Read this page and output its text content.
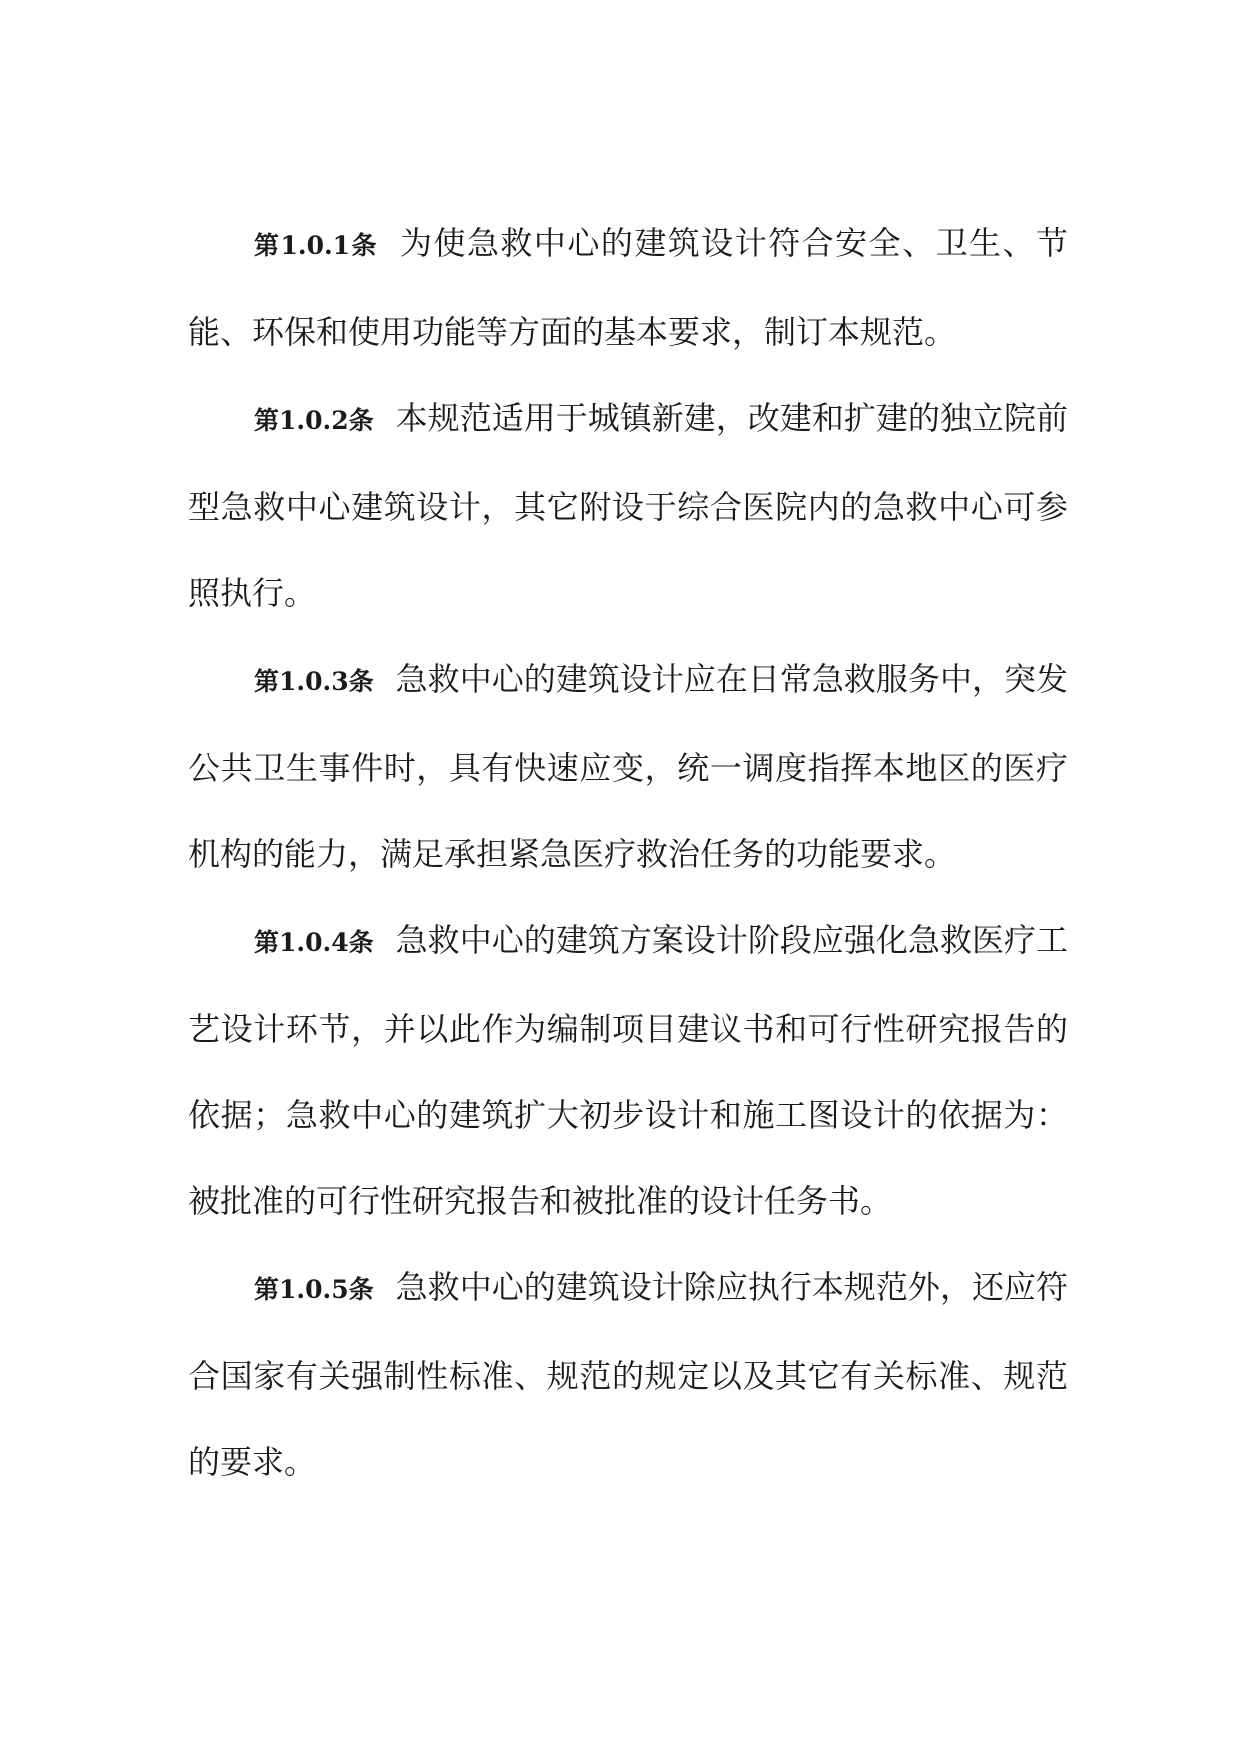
第1.0.1条 为使急救中心的建筑设计符合安全、卫生、节能、环保和使用功能等方面的基本要求，制订本规范。

第1.0.2条 本规范适用于城镇新建，改建和扩建的独立院前型急救中心建筑设计，其它附设于综合医院内的急救中心可参照执行。

第1.0.3条 急救中心的建筑设计应在日常急救服务中，突发公共卫生事件时，具有快速应变，统一调度指挥本地区的医疗机构的能力，满足承担紧急医疗救治任务的功能要求。

第1.0.4条 急救中心的建筑方案设计阶段应强化急救医疗工艺设计环节，并以此作为编制项目建议书和可行性研究报告的依据；急救中心的建筑扩大初步设计和施工图设计的依据为：被批准的可行性研究报告和被批准的设计任务书。

第1.0.5条 急救中心的建筑设计除应执行本规范外，还应符合国家有关强制性标准、规范的规定以及其它有关标准、规范的要求。
